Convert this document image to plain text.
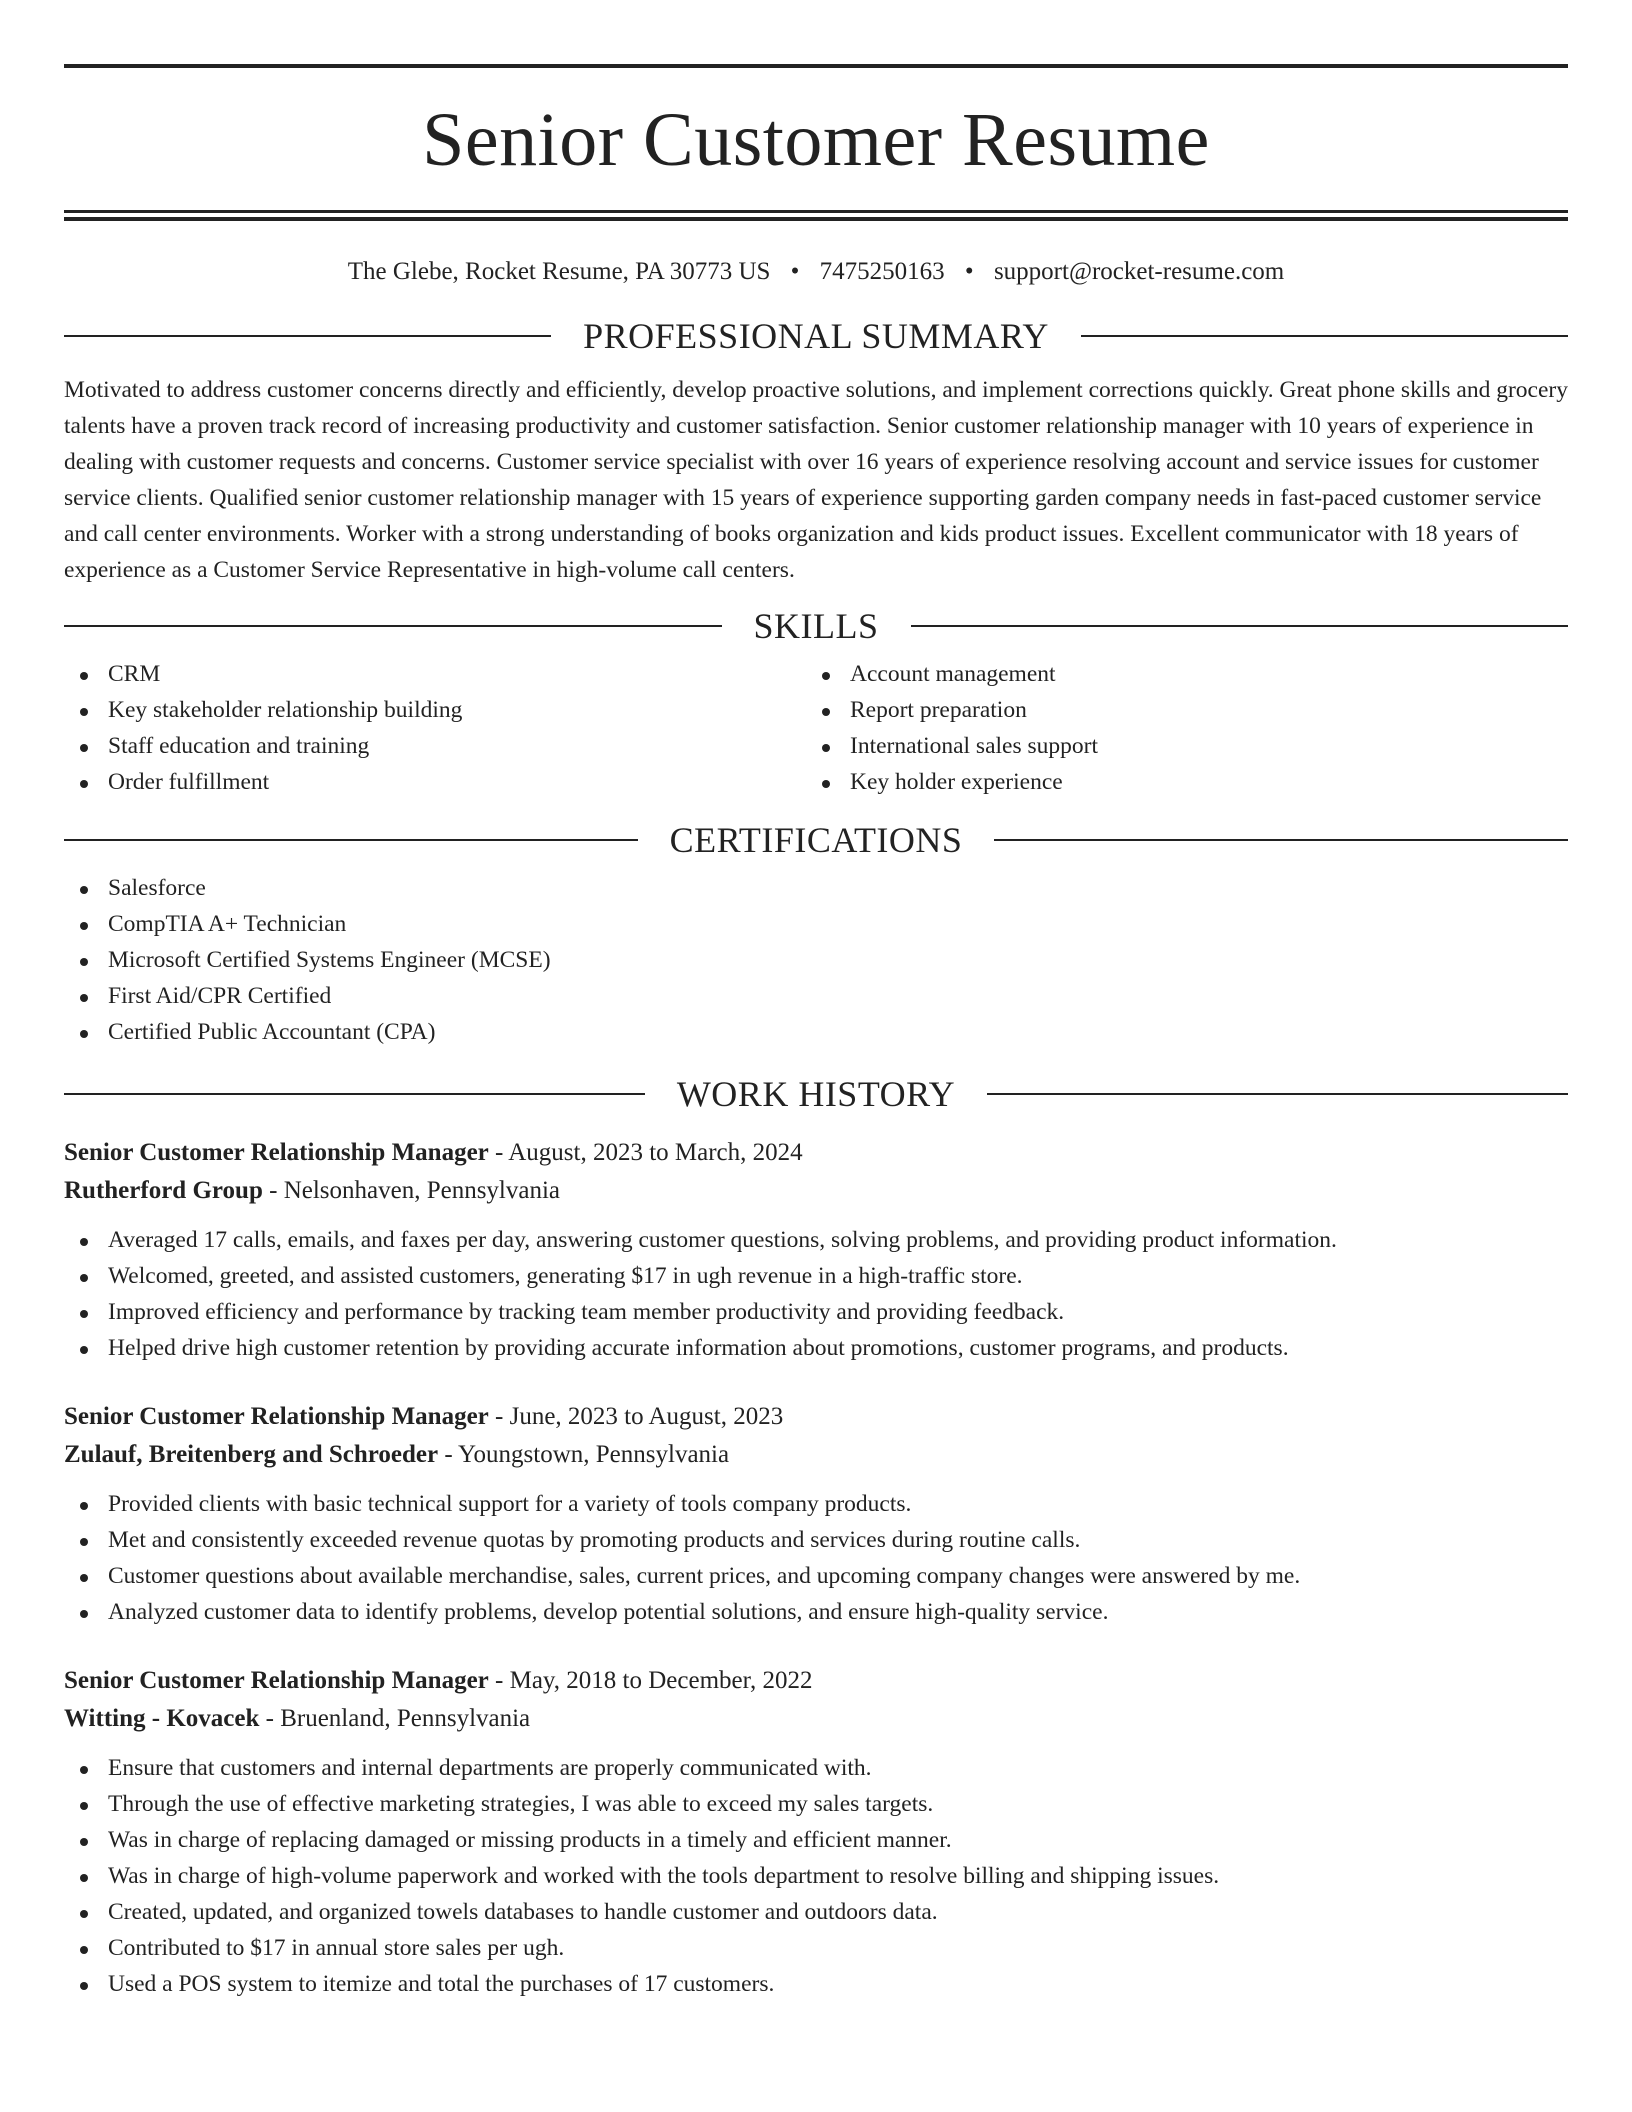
Senior Customer Resume
The Glebe, Rocket Resume, PA 30773 US • 7475250163 • support@rocket-resume.com
PROFESSIONAL SUMMARY

Motivated to address customer concerns directly and efficiently, develop proactive solutions, and implement corrections quickly. Great phone skills and grocery talents have a proven track record of increasing productivity and customer satisfaction. Senior customer relationship manager with 10 years of experience in dealing with customer requests and concerns. Customer service specialist with over 16 years of experience resolving account and service issues for customer service clients. Qualified senior customer relationship manager with 15 years of experience supporting garden company needs in fast-paced customer service and call center environments. Worker with a strong understanding of books organization and kids product issues. Excellent communicator with 18 years of experience as a Customer Service Representative in high-volume call centers.

SKILLS
CRM
Key stakeholder relationship building
Staff education and training
Order fulfillment
Account management
Report preparation
International sales support
Key holder experience
CERTIFICATIONS
Salesforce
CompTIA A+ Technician
Microsoft Certified Systems Engineer (MCSE)
First Aid/CPR Certified
Certified Public Accountant (CPA)
WORK HISTORY
Senior Customer Relationship Manager - August, 2023 to March, 2024
Rutherford Group - Nelsonhaven, Pennsylvania
Averaged 17 calls, emails, and faxes per day, answering customer questions, solving problems, and providing product information.
Welcomed, greeted, and assisted customers, generating $17 in ugh revenue in a high-traffic store.
Improved efficiency and performance by tracking team member productivity and providing feedback.
Helped drive high customer retention by providing accurate information about promotions, customer programs, and products.
Senior Customer Relationship Manager - June, 2023 to August, 2023
Zulauf, Breitenberg and Schroeder - Youngstown, Pennsylvania
Provided clients with basic technical support for a variety of tools company products.
Met and consistently exceeded revenue quotas by promoting products and services during routine calls.
Customer questions about available merchandise, sales, current prices, and upcoming company changes were answered by me.
Analyzed customer data to identify problems, develop potential solutions, and ensure high-quality service.
Senior Customer Relationship Manager - May, 2018 to December, 2022
Witting - Kovacek - Bruenland, Pennsylvania
Ensure that customers and internal departments are properly communicated with.
Through the use of effective marketing strategies, I was able to exceed my sales targets.
Was in charge of replacing damaged or missing products in a timely and efficient manner.
Was in charge of high-volume paperwork and worked with the tools department to resolve billing and shipping issues.
Created, updated, and organized towels databases to handle customer and outdoors data.
Contributed to $17 in annual store sales per ugh.
Used a POS system to itemize and total the purchases of 17 customers.
